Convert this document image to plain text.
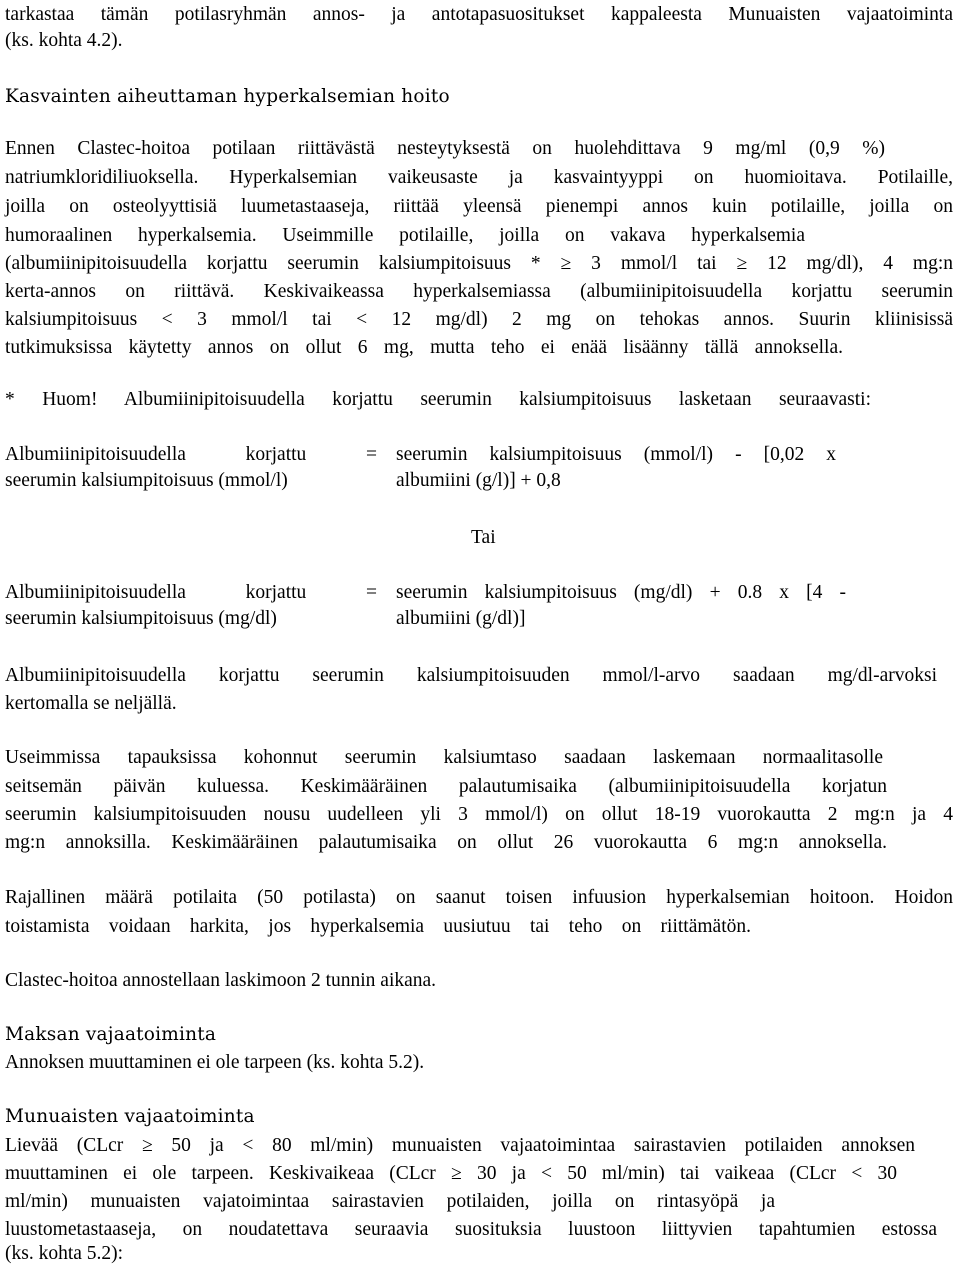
tarkastaa tämän potilasryhmän annos- ja antotapasuositukset kappaleesta Munuaisten vajaatoiminta
(ks. kohta 4.2).
Kasvainten aiheuttaman hyperkalsemian hoito
Ennen Clastec-hoitoa potilaan riittävästä nesteytyksestä on huolehdittava 9 mg/ml (0,9 %)
natriumkloridiliuoksella. Hyperkalsemian vaikeusaste ja kasvaintyyppi on huomioitava. Potilaille,
joilla on osteolyyttisiä luumetastaaseja, riittää yleensä pienempi annos kuin potilaille, joilla on
humoraalinen hyperkalsemia. Useimmille potilaille, joilla on vakava hyperkalsemia
(albumiinipitoisuudella korjattu seerumin kalsiumpitoisuus * ≥ 3 mmol/l tai ≥ 12 mg/dl), 4 mg:n
kerta-annos on riittävä. Keskivaikeassa hyperkalsemiassa (albumiinipitoisuudella korjattu seerumin
kalsiumpitoisuus < 3 mmol/l tai < 12 mg/dl) 2 mg on tehokas annos. Suurin kliinisissä
tutkimuksissa käytetty annos on ollut 6 mg, mutta teho ei enää lisäänny tällä annoksella.
* Huom! Albumiinipitoisuudella korjattu seerumin kalsiumpitoisuus lasketaan seuraavasti:
Albumiinipitoisuudella korjattu =
seerumin kalsiumpitoisuus (mmol/l)
seerumin kalsiumpitoisuus (mmol/l) - [0,02 x
albumiini (g/l)] + 0,8
Tai
Albumiinipitoisuudella korjattu =
seerumin kalsiumpitoisuus (mg/dl)
seerumin kalsiumpitoisuus (mg/dl) + 0.8 x [4 -
albumiini (g/dl)]
Albumiinipitoisuudella korjattu seerumin kalsiumpitoisuuden mmol/l-arvo saadaan mg/dl-arvoksi
kertomalla se neljällä.
Useimmissa tapauksissa kohonnut seerumin kalsiumtaso saadaan laskemaan normaalitasolle
seitsemän päivän kuluessa. Keskimääräinen palautumisaika (albumiinipitoisuudella korjatun
seerumin kalsiumpitoisuuden nousu uudelleen yli 3 mmol/l) on ollut 18-19 vuorokautta 2 mg:n ja 4
mg:n annoksilla. Keskimääräinen palautumisaika on ollut 26 vuorokautta 6 mg:n annoksella.
Rajallinen määrä potilaita (50 potilasta) on saanut toisen infuusion hyperkalsemian hoitoon. Hoidon
toistamista voidaan harkita, jos hyperkalsemia uusiutuu tai teho on riittämätön.
Clastec-hoitoa annostellaan laskimoon 2 tunnin aikana.
Maksan vajaatoiminta
Annoksen muuttaminen ei ole tarpeen (ks. kohta 5.2).
Munuaisten vajaatoiminta
Lievää (CLcr ≥ 50 ja < 80 ml/min) munuaisten vajaatoimintaa sairastavien potilaiden annoksen
muuttaminen ei ole tarpeen. Keskivaikeaa (CLcr ≥ 30 ja < 50 ml/min) tai vaikeaa (CLcr < 30
ml/min) munuaisten vajatoimintaa sairastavien potilaiden, joilla on rintasyöpä ja
luustometastaaseja, on noudatettava seuraavia suosituksia luustoon liittyvien tapahtumien estossa
(ks. kohta 5.2):
